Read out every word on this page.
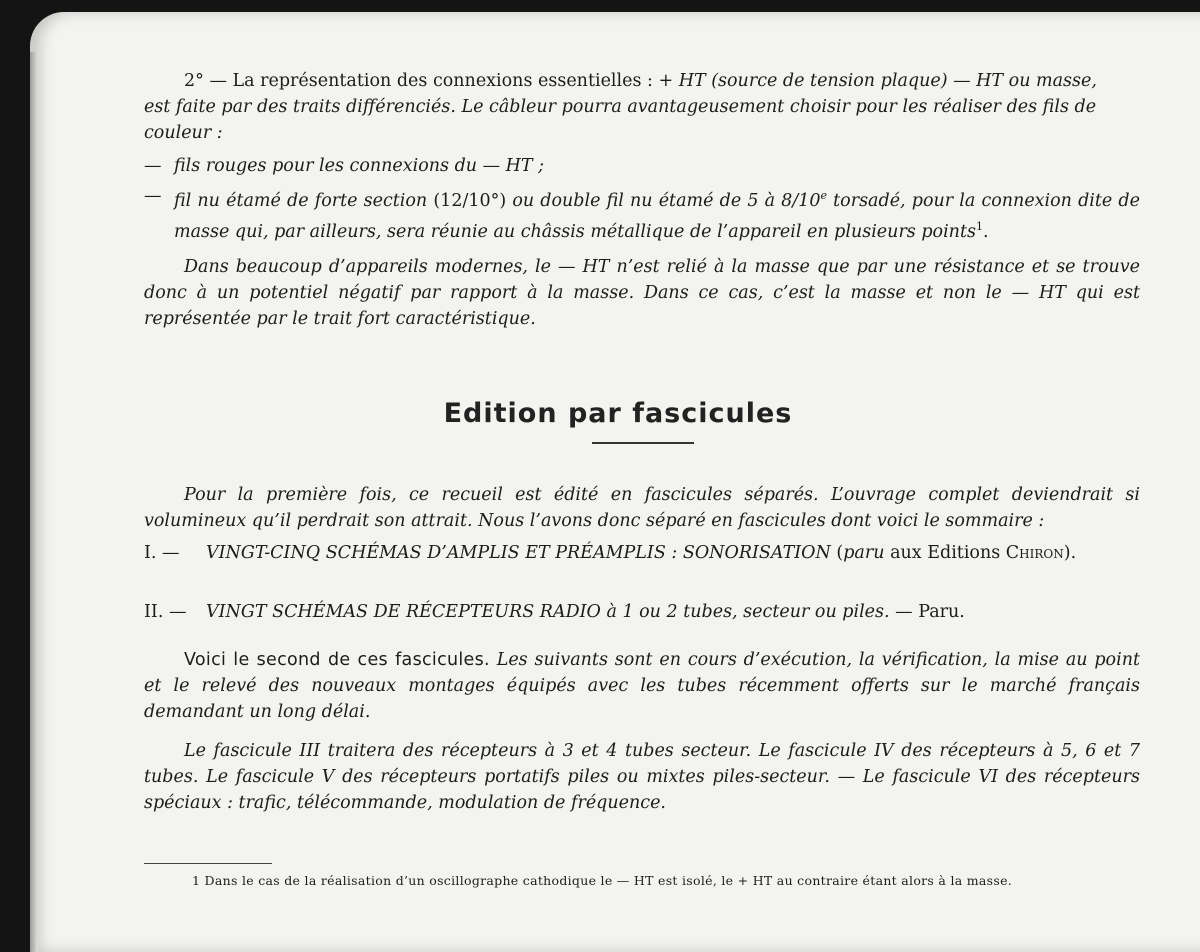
2° — La représentation des connexions essentielles : + HT (source de tension plaque) — HT ou masse,
est faite par des traits différenciés. Le câbleur pourra avantageusement choisir pour les réaliser des fils de
couleur :

— fils rouges pour les connexions du — HT ;
— fil nu étamé de forte section (12/10°) ou double fil nu étamé de 5 à 8/10e torsadé, pour la connexion dite de masse qui, par ailleurs, sera réunie au châssis métallique de l’appareil en plusieurs points$^1$.

Dans beaucoup d’appareils modernes, le — HT n’est relié à la masse que par une résistance et se trouve donc à un potentiel négatif par rapport à la masse. Dans ce cas, c’est la masse et non le — HT qui est représentée par le trait fort caractéristique.

Edition par fascicules

Pour la première fois, ce recueil est édité en fascicules séparés. L’ouvrage complet deviendrait si volumineux qu’il perdrait son attrait. Nous l’avons donc séparé en fascicules dont voici le sommaire :

I. — VINGT-CINQ SCHÉMAS D’AMPLIS ET PRÉAMPLIS : SONORISATION (paru aux Editions Chiron).
II. — VINGT SCHÉMAS DE RÉCEPTEURS RADIO à 1 ou 2 tubes, secteur ou piles. — Paru.

Voici le second de ces fascicules. Les suivants sont en cours d’exécution, la vérification, la mise au point et le relevé des nouveaux montages équipés avec les tubes récemment offerts sur le marché français demandant un long délai.

Le fascicule III traitera des récepteurs à 3 et 4 tubes secteur. Le fascicule IV des récepteurs à 5, 6 et 7 tubes. Le fascicule V des récepteurs portatifs piles ou mixtes piles-secteur. — Le fascicule VI des récepteurs spéciaux : trafic, télécommande, modulation de fréquence.

1 Dans le cas de la réalisation d’un oscillographe cathodique le — HT est isolé, le + HT au contraire étant alors à la masse.
